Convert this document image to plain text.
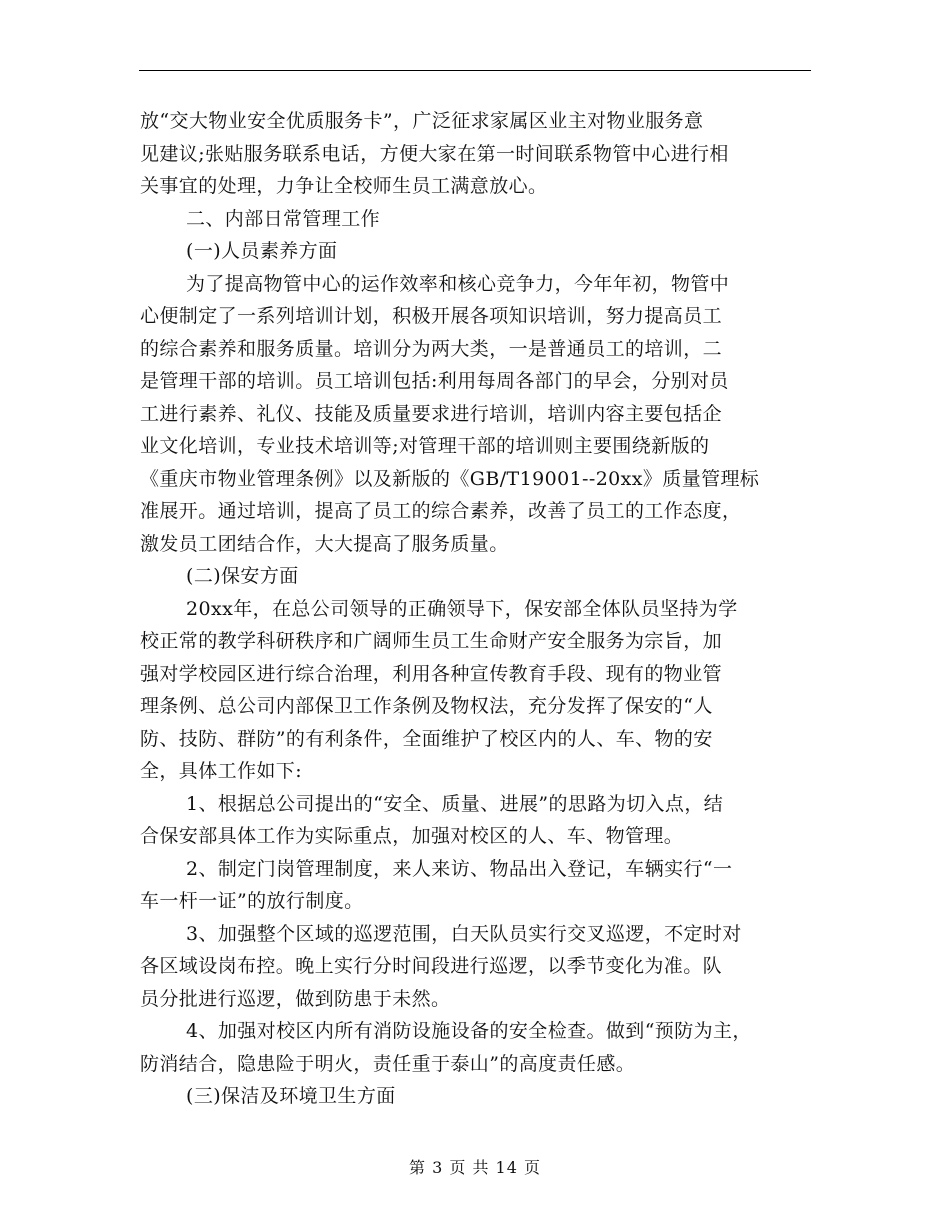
放“交大物业安全优质服务卡”，广泛征求家属区业主对物业服务意
见建议;张贴服务联系电话，方便大家在第一时间联系物管中心进行相
关事宜的处理，力争让全校师生员工满意放心。
二、内部日常管理工作
(一)人员素养方面
为了提高物管中心的运作效率和核心竞争力，今年年初，物管中
心便制定了一系列培训计划，积极开展各项知识培训，努力提高员工
的综合素养和服务质量。培训分为两大类，一是普通员工的培训，二
是管理干部的培训。员工培训包括:利用每周各部门的早会，分别对员
工进行素养、礼仪、技能及质量要求进行培训，培训内容主要包括企
业文化培训，专业技术培训等;对管理干部的培训则主要围绕新版的
《重庆市物业管理条例》以及新版的《GB/T19001--20xx》质量管理标
准展开。通过培训，提高了员工的综合素养，改善了员工的工作态度，
激发员工团结合作，大大提高了服务质量。
(二)保安方面
20xx年，在总公司领导的正确领导下，保安部全体队员坚持为学
校正常的教学科研秩序和广阔师生员工生命财产安全服务为宗旨，加
强对学校园区进行综合治理，利用各种宣传教育手段、现有的物业管
理条例、总公司内部保卫工作条例及物权法，充分发挥了保安的“人
防、技防、群防”的有利条件，全面维护了校区内的人、车、物的安
全，具体工作如下:
1、根据总公司提出的“安全、质量、进展”的思路为切入点，结
合保安部具体工作为实际重点，加强对校区的人、车、物管理。
2、制定门岗管理制度，来人来访、物品出入登记，车辆实行“一
车一杆一证”的放行制度。
3、加强整个区域的巡逻范围，白天队员实行交叉巡逻，不定时对
各区域设岗布控。晚上实行分时间段进行巡逻，以季节变化为准。队
员分批进行巡逻，做到防患于未然。
4、加强对校区内所有消防设施设备的安全检查。做到“预防为主，
防消结合，隐患险于明火，责任重于泰山”的高度责任感。
(三)保洁及环境卫生方面
第 3 页 共 14 页
